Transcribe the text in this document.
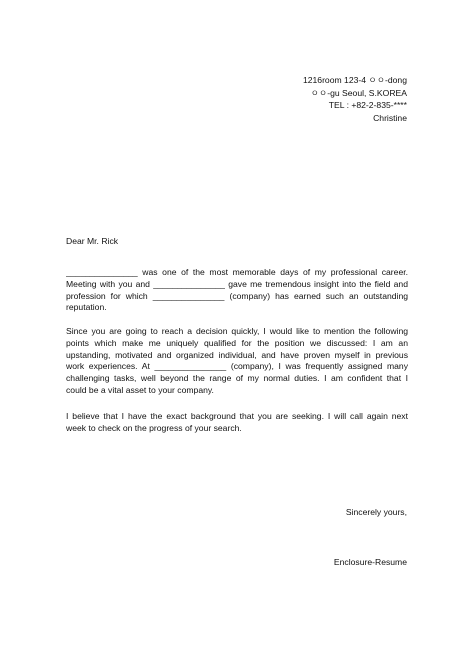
1216room 123-4 ㅇㅇ-dong
ㅇㅇ-gu Seoul, S.KOREA
TEL : +82-2-835-****
Christine
Dear Mr. Rick
_______________ was one of the most memorable days of my professional career.
Meeting with you and _______________ gave me tremendous insight into the field and
profession for which _______________ (company) has earned such an outstanding
reputation.
Since you are going to reach a decision quickly, I would like to mention the following
points which make me uniquely qualified for the position we discussed: I am an
upstanding, motivated and organized individual, and have proven myself in previous
work experiences. At _______________ (company), I was frequently assigned many
challenging tasks, well beyond the range of my normal duties. I am confident that I
could be a vital asset to your company.
I believe that I have the exact background that you are seeking. I will call again next
week to check on the progress of your search.
Sincerely yours,
Enclosure-Resume
